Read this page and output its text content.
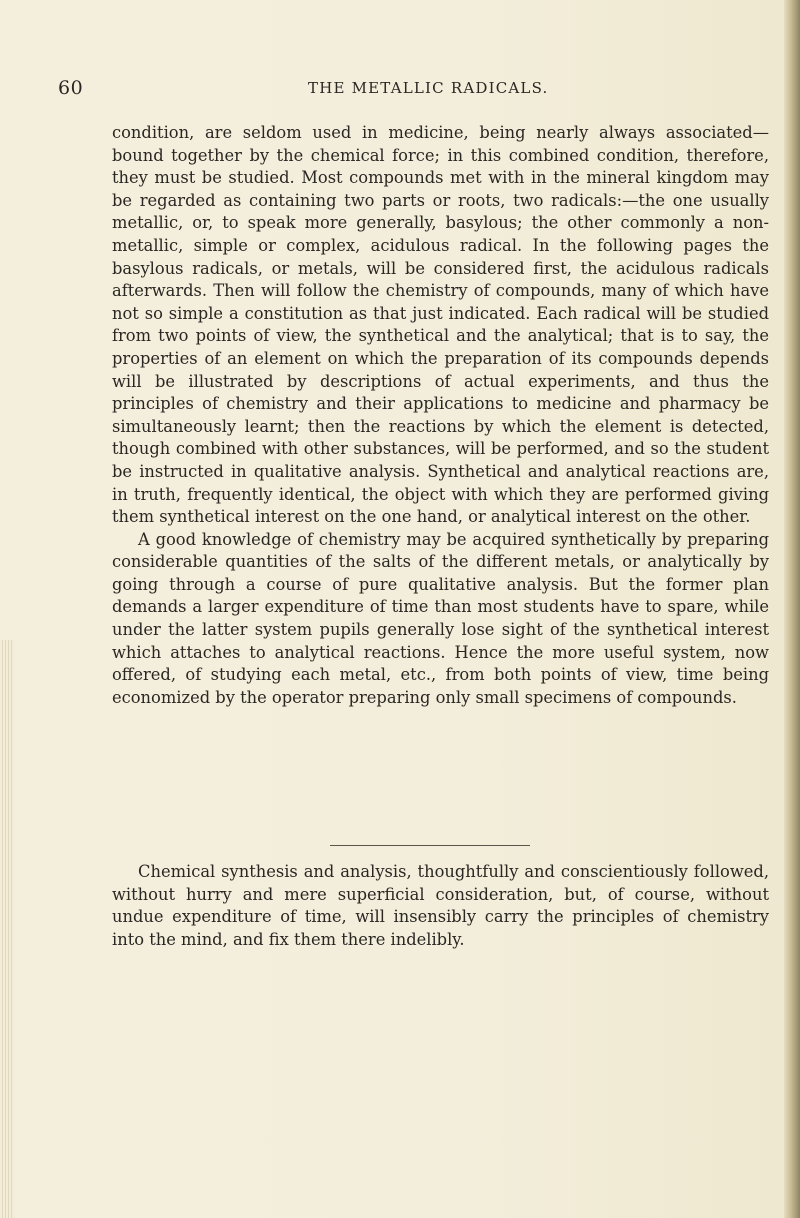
60	THE METALLIC RADICALS.

condition, are seldom used in medicine, being nearly always associated—bound together by the chemical force; in this combined condition, therefore, they must be studied. Most compounds met with in the mineral kingdom may be regarded as containing two parts or roots, two radicals:—the one usually metallic, or, to speak more generally, basylous; the other commonly a non-metallic, simple or complex, acidulous radical. In the following pages the basylous radicals, or metals, will be considered first, the acidulous radicals afterwards. Then will follow the chemistry of compounds, many of which have not so simple a constitution as that just indicated. Each radical will be studied from two points of view, the synthetical and the analytical; that is to say, the properties of an element on which the preparation of its compounds depends will be illustrated by descriptions of actual experiments, and thus the principles of chemistry and their applications to medicine and pharmacy be simultaneously learnt; then the reactions by which the element is detected, though combined with other substances, will be performed, and so the student be instructed in qualitative analysis. Synthetical and analytical reactions are, in truth, frequently identical, the object with which they are performed giving them synthetical interest on the one hand, or analytical interest on the other.

A good knowledge of chemistry may be acquired synthetically by preparing considerable quantities of the salts of the different metals, or analytically by going through a course of pure qualitative analysis. But the former plan demands a larger expenditure of time than most students have to spare, while under the latter system pupils generally lose sight of the synthetical interest which attaches to analytical reactions. Hence the more useful system, now offered, of studying each metal, etc., from both points of view, time being economized by the operator preparing only small specimens of compounds.

Chemical synthesis and analysis, thoughtfully and conscientiously followed, without hurry and mere superficial consideration, but, of course, without undue expenditure of time, will insensibly carry the principles of chemistry into the mind, and fix them there indelibly.
